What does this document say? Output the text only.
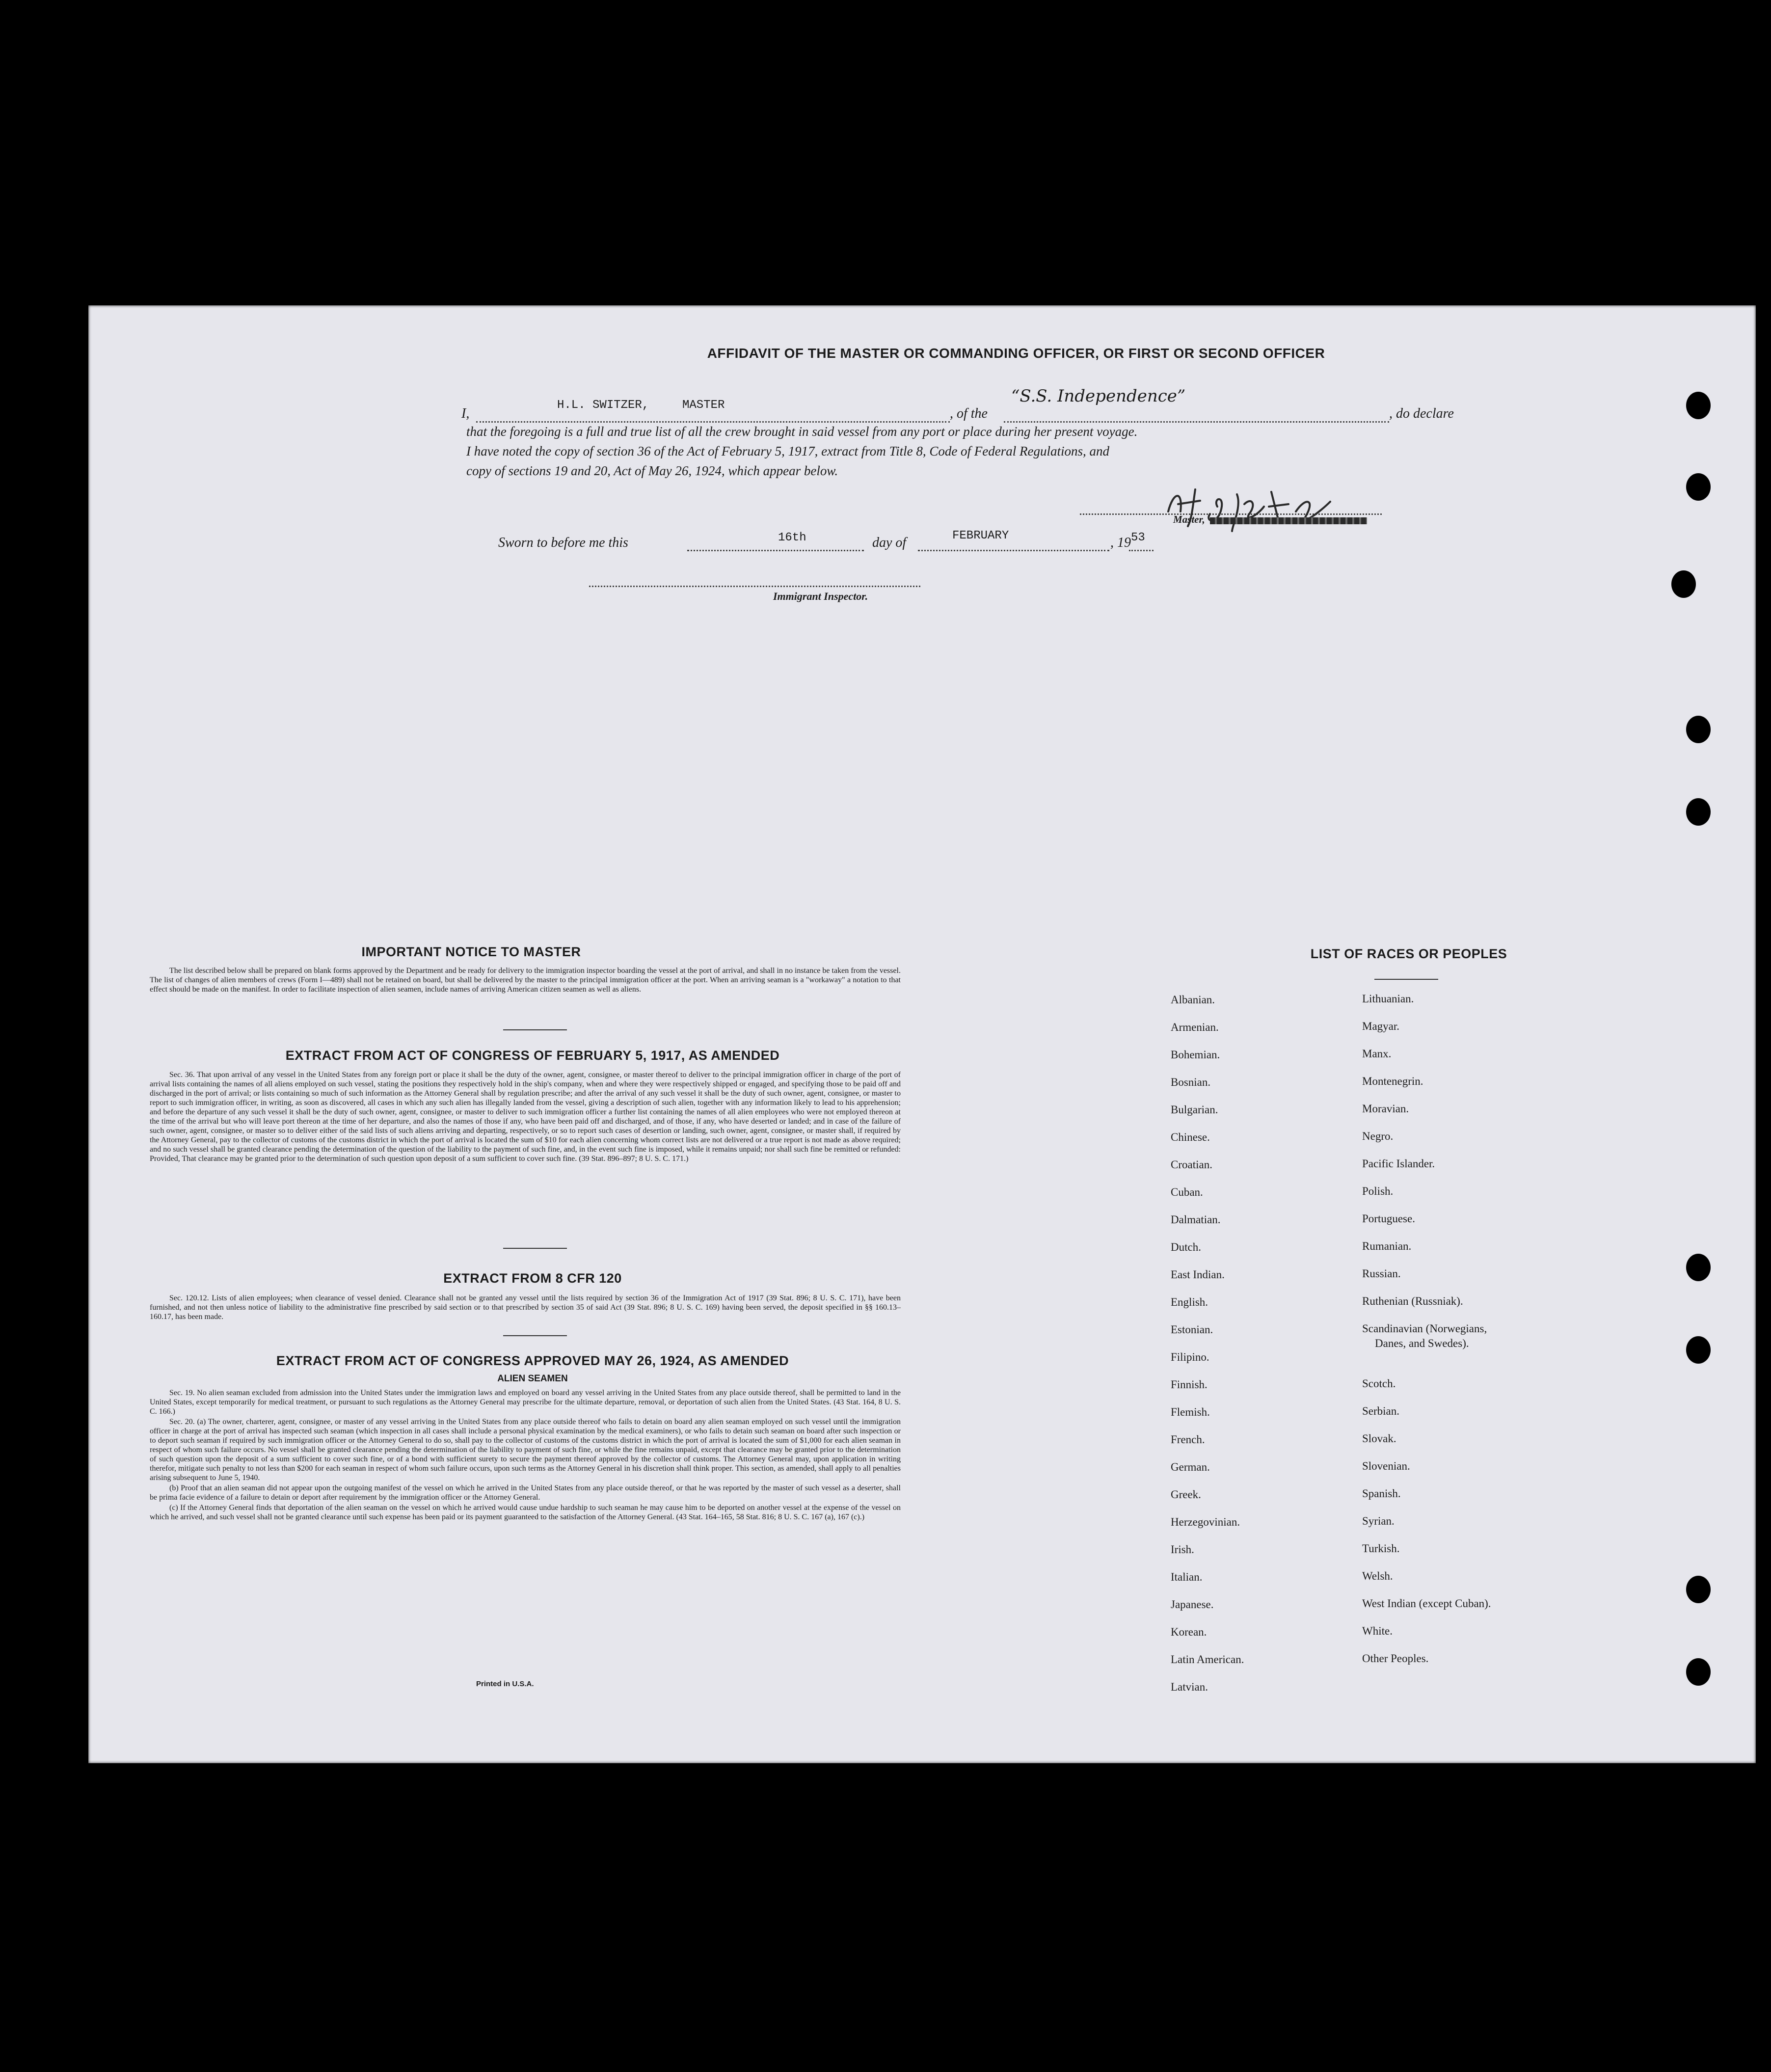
AFFIDAVIT OF THE MASTER OR COMMANDING OFFICER, OR FIRST OR SECOND OFFICER
I,
H.L. SWITZER,	MASTER
, of the
“S.S. Independence”
, do declare
that the foregoing is a full and true list of all the crew brought in said vessel from any port or place during her present voyage.
I have noted the copy of section 36 of the Act of February 5, 1917, extract from Title 8, Code of Federal Regulations, and
copy of sections 19 and 20, Act of May 26, 1924, which appear below.
Master,
Sworn to before me this	16th	day of	FEBRUARY	, 19 53
Immigrant Inspector.
IMPORTANT NOTICE TO MASTER
The list described below shall be prepared on blank forms approved by the Department and be ready for delivery to the immigration inspector boarding the vessel at the port of arrival, and shall in no instance be taken from the vessel. The list of changes of alien members of crews (Form I—489) shall not be retained on board, but shall be delivered by the master to the principal immigration officer at the port. When an arriving seaman is a "workaway" a notation to that effect should be made on the manifest. In order to facilitate inspection of alien seamen, include names of arriving American citizen seamen as well as aliens.
EXTRACT FROM ACT OF CONGRESS OF FEBRUARY 5, 1917, AS AMENDED
Sec. 36. That upon arrival of any vessel in the United States from any foreign port or place it shall be the duty of the owner, agent, consignee, or master thereof to deliver to the principal immigration officer in charge of the port of arrival lists containing the names of all aliens employed on such vessel, stating the positions they respectively hold in the ship's company, when and where they were respectively shipped or engaged, and specifying those to be paid off and discharged in the port of arrival; or lists containing so much of such information as the Attorney General shall by regulation prescribe; and after the arrival of any such vessel it shall be the duty of such owner, agent, consignee, or master to report to such immigration officer, in writing, as soon as discovered, all cases in which any such alien has illegally landed from the vessel, giving a description of such alien, together with any information likely to lead to his apprehension; and before the departure of any such vessel it shall be the duty of such owner, agent, consignee, or master to deliver to such immigration officer a further list containing the names of all alien employees who were not employed thereon at the time of the arrival but who will leave port thereon at the time of her departure, and also the names of those if any, who have been paid off and discharged, and of those, if any, who have deserted or landed; and in case of the failure of such owner, agent, consignee, or master so to deliver either of the said lists of such aliens arriving and departing, respectively, or so to report such cases of desertion or landing, such owner, agent, consignee, or master shall, if required by the Attorney General, pay to the collector of customs of the customs district in which the port of arrival is located the sum of $10 for each alien concerning whom correct lists are not delivered or a true report is not made as above required; and no such vessel shall be granted clearance pending the determination of the question of the liability to the payment of such fine, and, in the event such fine is imposed, while it remains unpaid; nor shall such fine be remitted or refunded: Provided, That clearance may be granted prior to the determination of such question upon deposit of a sum sufficient to cover such fine. (39 Stat. 896–897; 8 U. S. C. 171.)
EXTRACT FROM 8 CFR 120
Sec. 120.12. Lists of alien employees; when clearance of vessel denied. Clearance shall not be granted any vessel until the lists required by section 36 of the Immigration Act of 1917 (39 Stat. 896; 8 U. S. C. 171), have been furnished, and not then unless notice of liability to the administrative fine prescribed by said section or to that prescribed by section 35 of said Act (39 Stat. 896; 8 U. S. C. 169) having been served, the deposit specified in §§ 160.13–160.17, has been made.
EXTRACT FROM ACT OF CONGRESS APPROVED MAY 26, 1924, AS AMENDED
ALIEN SEAMEN

Sec. 19. No alien seaman excluded from admission into the United States under the immigration laws and employed on board any vessel arriving in the United States from any place outside thereof, shall be permitted to land in the United States, except temporarily for medical treatment, or pursuant to such regulations as the Attorney General may prescribe for the ultimate departure, removal, or deportation of such alien from the United States. (43 Stat. 164, 8 U. S. C. 166.)

Sec. 20. (a) The owner, charterer, agent, consignee, or master of any vessel arriving in the United States from any place outside thereof who fails to detain on board any alien seaman employed on such vessel until the immigration officer in charge at the port of arrival has inspected such seaman (which inspection in all cases shall include a personal physical examination by the medical examiners), or who fails to detain such seaman on board after such inspection or to deport such seaman if required by such immigration officer or the Attorney General to do so, shall pay to the collector of customs of the customs district in which the port of arrival is located the sum of $1,000 for each alien seaman in respect of whom such failure occurs. No vessel shall be granted clearance pending the determination of the liability to payment of such fine, or while the fine remains unpaid, except that clearance may be granted prior to the determination of such question upon the deposit of a sum sufficient to cover such fine, or of a bond with sufficient surety to secure the payment thereof approved by the collector of customs. The Attorney General may, upon application in writing therefor, mitigate such penalty to not less than $200 for each seaman in respect of whom such failure occurs, upon such terms as the Attorney General in his discretion shall think proper. This section, as amended, shall apply to all penalties arising subsequent to June 5, 1940.

(b) Proof that an alien seaman did not appear upon the outgoing manifest of the vessel on which he arrived in the United States from any place outside thereof, or that he was reported by the master of such vessel as a deserter, shall be prima facie evidence of a failure to detain or deport after requirement by the immigration officer or the Attorney General.

(c) If the Attorney General finds that deportation of the alien seaman on the vessel on which he arrived would cause undue hardship to such seaman he may cause him to be deported on another vessel at the expense of the vessel on which he arrived, and such vessel shall not be granted clearance until such expense has been paid or its payment guaranteed to the satisfaction of the Attorney General. (43 Stat. 164–165, 58 Stat. 816; 8 U. S. C. 167 (a), 167 (c).)

Printed in U.S.A.
LIST OF RACES OR PEOPLES
Albanian.
Armenian.
Bohemian.
Bosnian.
Bulgarian.
Chinese.
Croatian.
Cuban.
Dalmatian.
Dutch.
East Indian.
English.
Estonian.
Filipino.
Finnish.
Flemish.
French.
German.
Greek.
Herzegovinian.
Irish.
Italian.
Japanese.
Korean.
Latin American.
Latvian.
Lithuanian.
Magyar.
Manx.
Montenegrin.
Moravian.
Negro.
Pacific Islander.
Polish.
Portuguese.
Rumanian.
Russian.
Ruthenian (Russniak).
Scandinavian (Norwegians,
Danes, and Swedes).
Scotch.
Serbian.
Slovak.
Slovenian.
Spanish.
Syrian.
Turkish.
Welsh.
West Indian (except Cuban).
White.
Other Peoples.
